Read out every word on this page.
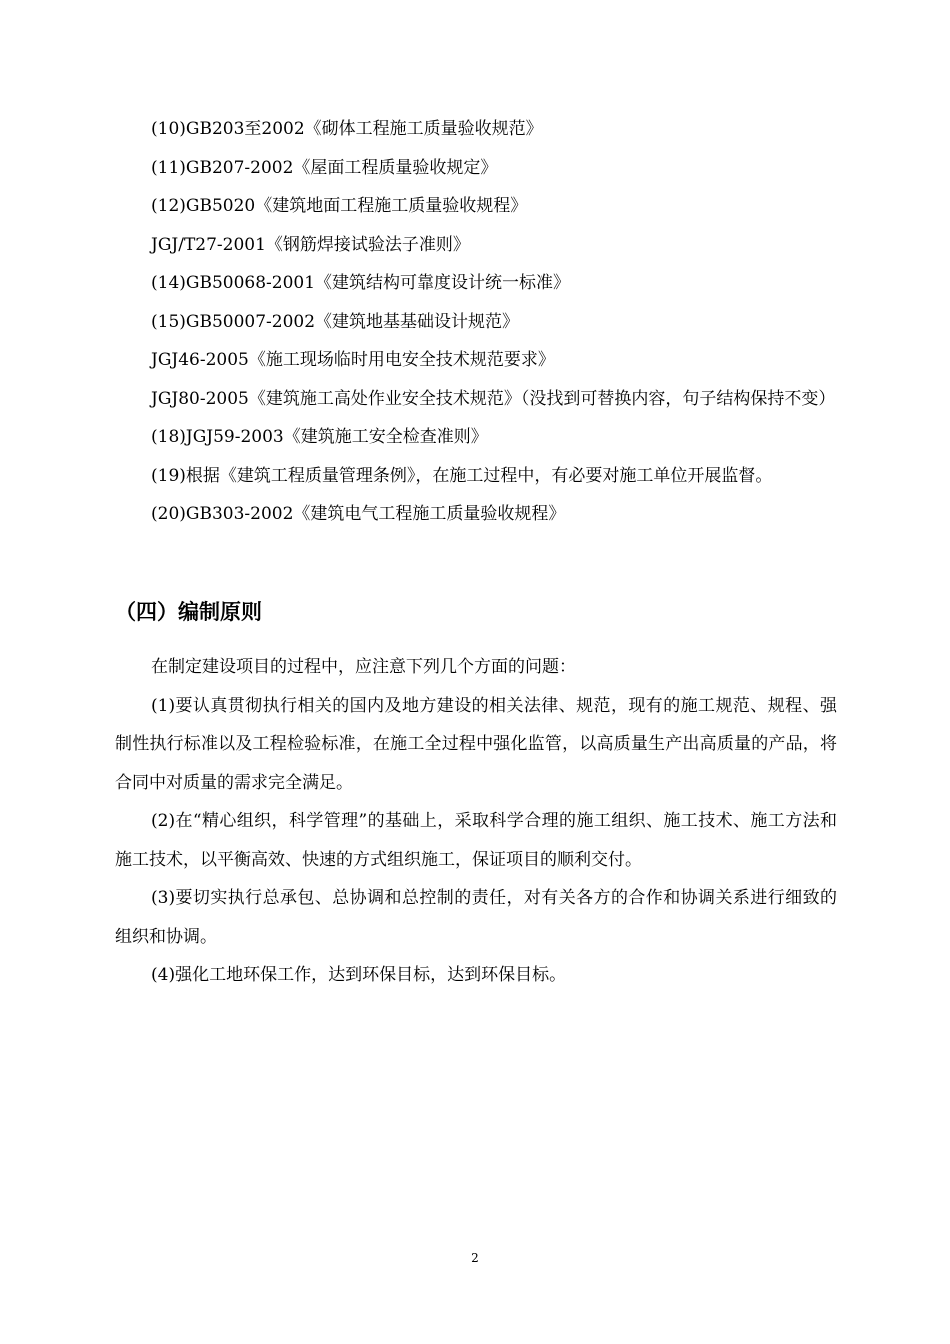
(10)GB203至2002《砌体工程施工质量验收规范》

(11)GB207-2002《屋面工程质量验收规定》

(12)GB5020《建筑地面工程施工质量验收规程》

JGJ/T27-2001《钢筋焊接试验法子准则》

(14)GB50068-2001《建筑结构可靠度设计统一标准》

(15)GB50007-2002《建筑地基基础设计规范》

JGJ46-2005《施工现场临时用电安全技术规范要求》

JGJ80-2005《建筑施工高处作业安全技术规范》（没找到可替换内容，句子结构保持不变）

(18)JGJ59-2003《建筑施工安全检查准则》

(19)根据《建筑工程质量管理条例》，在施工过程中，有必要对施工单位开展监督。

(20)GB303-2002《建筑电气工程施工质量验收规程》

（四）编制原则

在制定建设项目的过程中，应注意下列几个方面的问题：

(1)要认真贯彻执行相关的国内及地方建设的相关法律、规范，现有的施工规范、规程、强制性执行标准以及工程检验标准，在施工全过程中强化监管，以高质量生产出高质量的产品，将合同中对质量的需求完全满足。

(2)在“精心组织，科学管理”的基础上，采取科学合理的施工组织、施工技术、施工方法和施工技术，以平衡高效、快速的方式组织施工，保证项目的顺利交付。

(3)要切实执行总承包、总协调和总控制的责任，对有关各方的合作和协调关系进行细致的组织和协调。

(4)强化工地环保工作，达到环保目标，达到环保目标。

2
